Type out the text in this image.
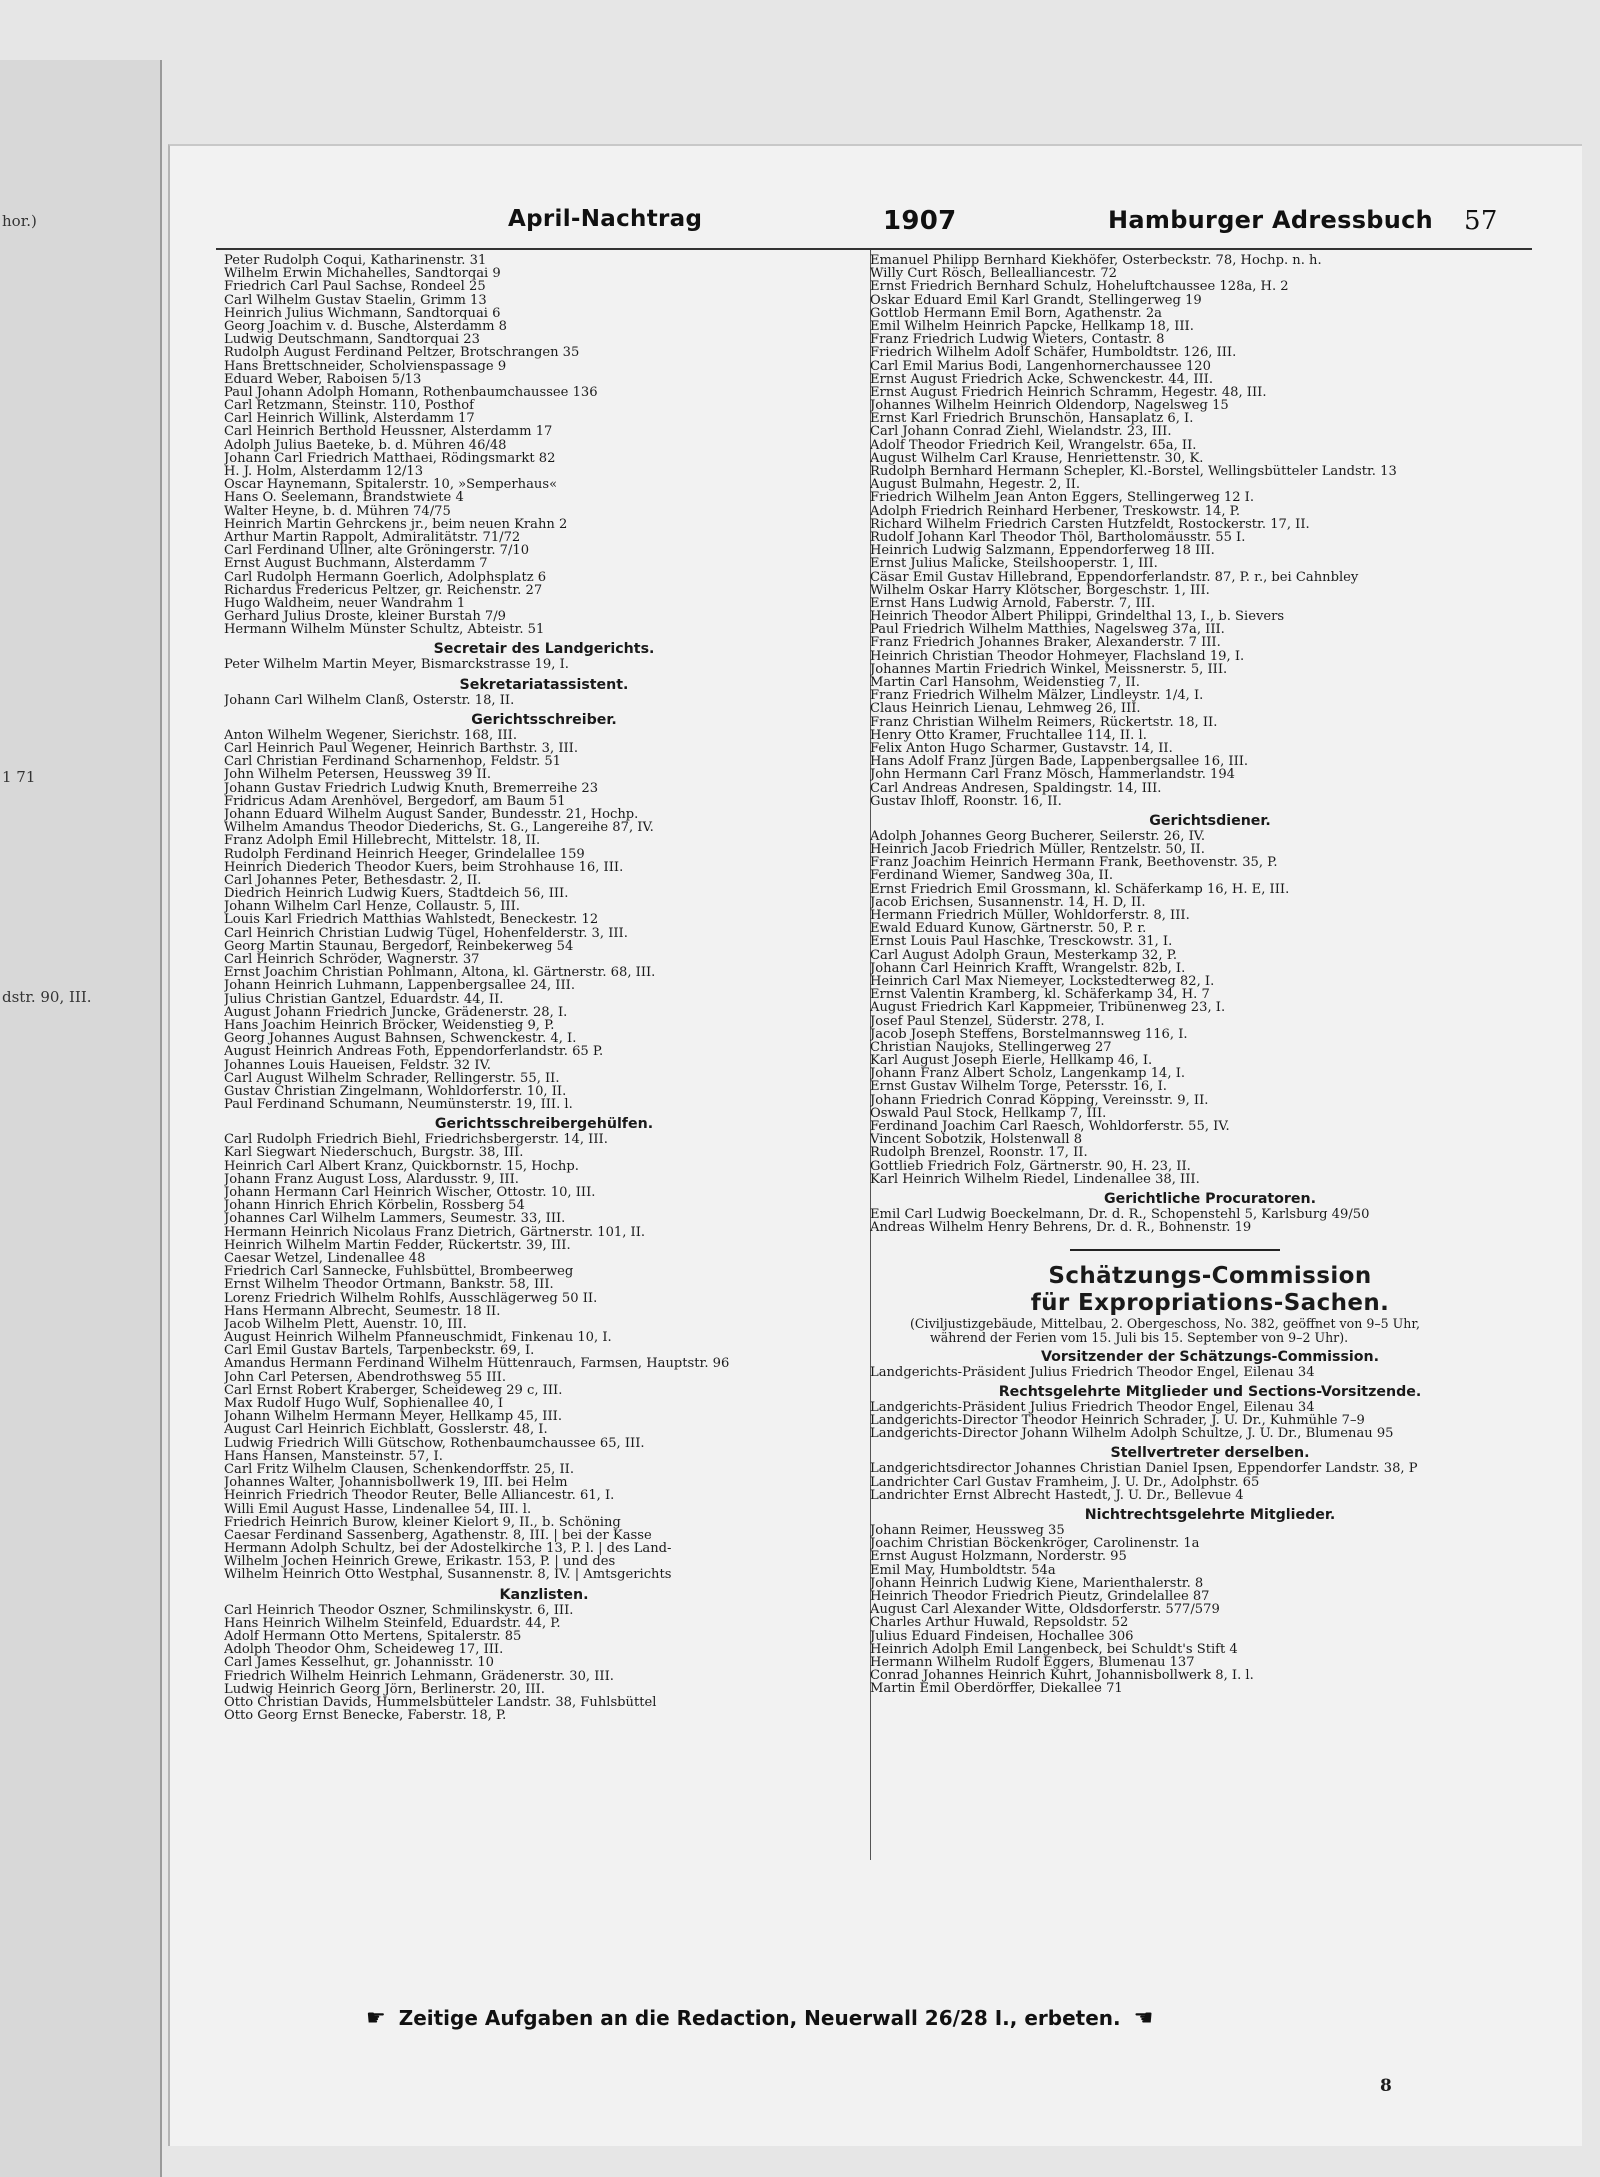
hor.)
1 71
dstr. 90, III.
April-Nachtrag	1907	Hamburger Adressbuch 57
Peter Rudolph Coqui, Katharinenstr. 31
Wilhelm Erwin Michahelles, Sandtorqai 9
Friedrich Carl Paul Sachse, Rondeel 25
Carl Wilhelm Gustav Staelin, Grimm 13
Heinrich Julius Wichmann, Sandtorquai 6
Georg Joachim v. d. Busche, Alsterdamm 8
Ludwig Deutschmann, Sandtorquai 23
Rudolph August Ferdinand Peltzer, Brotschrangen 35
Hans Brettschneider, Scholvienspassage 9
Eduard Weber, Raboisen 5/13
Paul Johann Adolph Homann, Rothenbaumchaussee 136
Carl Retzmann, Steinstr. 110, Posthof
Carl Heinrich Willink, Alsterdamm 17
Carl Heinrich Berthold Heussner, Alsterdamm 17
Adolph Julius Baeteke, b. d. Mühren 46/48
Johann Carl Friedrich Matthaei, Rödingsmarkt 82
H. J. Holm, Alsterdamm 12/13
Oscar Haynemann, Spitalerstr. 10, »Semperhaus«
Hans O. Seelemann, Brandstwiete 4
Walter Heyne, b. d. Mühren 74/75
Heinrich Martin Gehrckens jr., beim neuen Krahn 2
Arthur Martin Rappolt, Admiralitätstr. 71/72
Carl Ferdinand Ullner, alte Gröningerstr. 7/10
Ernst August Buchmann, Alsterdamm 7
Carl Rudolph Hermann Goerlich, Adolphsplatz 6
Richardus Fredericus Peltzer, gr. Reichenstr. 27
Hugo Waldheim, neuer Wandrahm 1
Gerhard Julius Droste, kleiner Burstah 7/9
Hermann Wilhelm Münster Schultz, Abteistr. 51
Secretair des Landgerichts.
Peter Wilhelm Martin Meyer, Bismarckstrasse 19, I.
Sekretariatassistent.
Johann Carl Wilhelm Clanß, Osterstr. 18, II.
Gerichtsschreiber.
Anton Wilhelm Wegener, Sierichstr. 168, III.
Carl Heinrich Paul Wegener, Heinrich Barthstr. 3, III.
Carl Christian Ferdinand Scharnenhop, Feldstr. 51
John Wilhelm Petersen, Heussweg 39 II.
Johann Gustav Friedrich Ludwig Knuth, Bremerreihe 23
Fridricus Adam Arenhövel, Bergedorf, am Baum 51
Johann Eduard Wilhelm August Sander, Bundesstr. 21, Hochp.
Wilhelm Amandus Theodor Diederichs, St. G., Langereihe 87, IV.
Franz Adolph Emil Hillebrecht, Mittelstr. 18, II.
Rudolph Ferdinand Heinrich Heeger, Grindelallee 159
Heinrich Diederich Theodor Kuers, beim Strohhause 16, III.
Carl Johannes Peter, Bethesdastr. 2, II.
Diedrich Heinrich Ludwig Kuers, Stadtdeich 56, III.
Johann Wilhelm Carl Henze, Collaustr. 5, III.
Louis Karl Friedrich Matthias Wahlstedt, Beneckestr. 12
Carl Heinrich Christian Ludwig Tügel, Hohenfelderstr. 3, III.
Georg Martin Staunau, Bergedorf, Reinbekerweg 54
Carl Heinrich Schröder, Wagnerstr. 37
Ernst Joachim Christian Pohlmann, Altona, kl. Gärtnerstr. 68, III.
Johann Heinrich Luhmann, Lappenbergsallee 24, III.
Julius Christian Gantzel, Eduardstr. 44, II.
August Johann Friedrich Juncke, Grädenerstr. 28, I.
Hans Joachim Heinrich Bröcker, Weidenstieg 9, P.
Georg Johannes August Bahnsen, Schwenckestr. 4, I.
August Heinrich Andreas Foth, Eppendorferlandstr. 65 P.
Johannes Louis Haueisen, Feldstr. 32 IV.
Carl August Wilhelm Schrader, Rellingerstr. 55, II.
Gustav Christian Zingelmann, Wohldorferstr. 10, II.
Paul Ferdinand Schumann, Neumünsterstr. 19, III. l.
Gerichtsschreibergehülfen.
Carl Rudolph Friedrich Biehl, Friedrichsbergerstr. 14, III.
Karl Siegwart Niederschuch, Burgstr. 38, III.
Heinrich Carl Albert Kranz, Quickbornstr. 15, Hochp.
Johann Franz August Loss, Alardusstr. 9, III.
Johann Hermann Carl Heinrich Wischer, Ottostr. 10, III.
Johann Hinrich Ehrich Körbelin, Rossberg 54
Johannes Carl Wilhelm Lammers, Seumestr. 33, III.
Hermann Heinrich Nicolaus Franz Dietrich, Gärtnerstr. 101, II.
Heinrich Wilhelm Martin Fedder, Rückertstr. 39, III.
Caesar Wetzel, Lindenallee 48
Friedrich Carl Sannecke, Fuhlsbüttel, Brombeerweg
Ernst Wilhelm Theodor Ortmann, Bankstr. 58, III.
Lorenz Friedrich Wilhelm Rohlfs, Ausschlägerweg 50 II.
Hans Hermann Albrecht, Seumestr. 18 II.
Jacob Wilhelm Plett, Auenstr. 10, III.
August Heinrich Wilhelm Pfanneuschmidt, Finkenau 10, I.
Carl Emil Gustav Bartels, Tarpenbeckstr. 69, I.
Amandus Hermann Ferdinand Wilhelm Hüttenrauch, Farmsen, Hauptstr. 96
John Carl Petersen, Abendrothsweg 55 III.
Carl Ernst Robert Kraberger, Scheideweg 29 c, III.
Max Rudolf Hugo Wulf, Sophienallee 40, I
Johann Wilhelm Hermann Meyer, Hellkamp 45, III.
August Carl Heinrich Eichblatt, Gosslerstr. 48, I.
Ludwig Friedrich Willi Gütschow, Rothenbaumchaussee 65, III.
Hans Hansen, Mansteinstr. 57, I.
Carl Fritz Wilhelm Clausen, Schenkendorffstr. 25, II.
Johannes Walter, Johannisbollwerk 19, III. bei Helm
Heinrich Friedrich Theodor Reuter, Belle Alliancestr. 61, I.
Willi Emil August Hasse, Lindenallee 54, III. l.
Friedrich Heinrich Burow, kleiner Kielort 9, II., b. Schöning
Caesar Ferdinand Sassenberg, Agathenstr. 8, III. | bei der Kasse
Hermann Adolph Schultz, bei der Adostelkirche 13, P. l. | des Land-
Wilhelm Jochen Heinrich Grewe, Erikastr. 153, P. | und des
Wilhelm Heinrich Otto Westphal, Susannenstr. 8, IV. | Amtsgerichts
Kanzlisten.
Carl Heinrich Theodor Oszner, Schmilinskystr. 6, III.
Hans Heinrich Wilhelm Steinfeld, Eduardstr. 44, P.
Adolf Hermann Otto Mertens, Spitalerstr. 85
Adolph Theodor Ohm, Scheideweg 17, III.
Carl James Kesselhut, gr. Johannisstr. 10
Friedrich Wilhelm Heinrich Lehmann, Grädenerstr. 30, III.
Ludwig Heinrich Georg Jörn, Berlinerstr. 20, III.
Otto Christian Davids, Hummelsbütteler Landstr. 38, Fuhlsbüttel
Otto Georg Ernst Benecke, Faberstr. 18, P.
Emanuel Philipp Bernhard Kiekhöfer, Osterbeckstr. 78, Hochp. n. h.
Willy Curt Rösch, Bellealliancestr. 72
Ernst Friedrich Bernhard Schulz, Hoheluftchaussee 128a, H. 2
Oskar Eduard Emil Karl Grandt, Stellingerweg 19
Gottlob Hermann Emil Born, Agathenstr. 2a
Emil Wilhelm Heinrich Papcke, Hellkamp 18, III.
Franz Friedrich Ludwig Wieters, Contastr. 8
Friedrich Wilhelm Adolf Schäfer, Humboldtstr. 126, III.
Carl Emil Marius Bodi, Langenhornerchaussee 120
Ernst August Friedrich Acke, Schwenckestr. 44, III.
Ernst August Friedrich Heinrich Schramm, Hegestr. 48, III.
Johannes Wilhelm Heinrich Oldendorp, Nagelsweg 15
Ernst Karl Friedrich Brunschön, Hansaplatz 6, I.
Carl Johann Conrad Ziehl, Wielandstr. 23, III.
Adolf Theodor Friedrich Keil, Wrangelstr. 65a, II.
August Wilhelm Carl Krause, Henriettenstr. 30, K.
Rudolph Bernhard Hermann Schepler, Kl.-Borstel, Wellingsbütteler Landstr. 13
August Bulmahn, Hegestr. 2, II.
Friedrich Wilhelm Jean Anton Eggers, Stellingerweg 12 I.
Adolph Friedrich Reinhard Herbener, Treskowstr. 14, P.
Richard Wilhelm Friedrich Carsten Hutzfeldt, Rostockerstr. 17, II.
Rudolf Johann Karl Theodor Thöl, Bartholomäusstr. 55 I.
Heinrich Ludwig Salzmann, Eppendorferweg 18 III.
Ernst Julius Malicke, Steilshooperstr. 1, III.
Cäsar Emil Gustav Hillebrand, Eppendorferlandstr. 87, P. r., bei Cahnbley
Wilhelm Oskar Harry Klötscher, Borgeschstr. 1, III.
Ernst Hans Ludwig Arnold, Faberstr. 7, III.
Heinrich Theodor Albert Philippi, Grindelthal 13, I., b. Sievers
Paul Friedrich Wilhelm Matthies, Nagelsweg 37a, III.
Franz Friedrich Johannes Braker, Alexanderstr. 7 III.
Heinrich Christian Theodor Hohmeyer, Flachsland 19, I.
Johannes Martin Friedrich Winkel, Meissnerstr. 5, III.
Martin Carl Hansohm, Weidenstieg 7, II.
Franz Friedrich Wilhelm Mälzer, Lindleystr. 1/4, I.
Claus Heinrich Lienau, Lehmweg 26, III.
Franz Christian Wilhelm Reimers, Rückertstr. 18, II.
Henry Otto Kramer, Fruchtallee 114, II. l.
Felix Anton Hugo Scharmer, Gustavstr. 14, II.
Hans Adolf Franz Jürgen Bade, Lappenbergsallee 16, III.
John Hermann Carl Franz Mösch, Hammerlandstr. 194
Carl Andreas Andresen, Spaldingstr. 14, III.
Gustav Ihloff, Roonstr. 16, II.
Gerichtsdiener.
Adolph Johannes Georg Bucherer, Seilerstr. 26, IV.
Heinrich Jacob Friedrich Müller, Rentzelstr. 50, II.
Franz Joachim Heinrich Hermann Frank, Beethovenstr. 35, P.
Ferdinand Wiemer, Sandweg 30a, II.
Ernst Friedrich Emil Grossmann, kl. Schäferkamp 16, H. E, III.
Jacob Erichsen, Susannenstr. 14, H. D, II.
Hermann Friedrich Müller, Wohldorferstr. 8, III.
Ewald Eduard Kunow, Gärtnerstr. 50, P. r.
Ernst Louis Paul Haschke, Tresckowstr. 31, I.
Carl August Adolph Graun, Mesterkamp 32, P.
Johann Carl Heinrich Krafft, Wrangelstr. 82b, I.
Heinrich Carl Max Niemeyer, Lockstedterweg 82, I.
Ernst Valentin Kramberg, kl. Schäferkamp 34, H. 7
August Friedrich Karl Kappmeier, Tribünenweg 23, I.
Josef Paul Stenzel, Süderstr. 278, I.
Jacob Joseph Steffens, Borstelmannsweg 116, I.
Christian Naujoks, Stellingerweg 27
Karl August Joseph Eierle, Hellkamp 46, I.
Johann Franz Albert Scholz, Langenkamp 14, I.
Ernst Gustav Wilhelm Torge, Petersstr. 16, I.
Johann Friedrich Conrad Köpping, Vereinsstr. 9, II.
Oswald Paul Stock, Hellkamp 7, III.
Ferdinand Joachim Carl Raesch, Wohldorferstr. 55, IV.
Vincent Sobotzik, Holstenwall 8
Rudolph Brenzel, Roonstr. 17, II.
Gottlieb Friedrich Folz, Gärtnerstr. 90, H. 23, II.
Karl Heinrich Wilhelm Riedel, Lindenallee 38, III.
Gerichtliche Procuratoren.
Emil Carl Ludwig Boeckelmann, Dr. d. R., Schopenstehl 5, Karlsburg 49/50
Andreas Wilhelm Henry Behrens, Dr. d. R., Bohnenstr. 19
Schätzungs-Commission
für Expropriations-Sachen.
(Civiljustizgebäude, Mittelbau, 2. Obergeschoss, No. 382, geöffnet von 9–5 Uhr,
während der Ferien vom 15. Juli bis 15. September von 9–2 Uhr).
Vorsitzender der Schätzungs-Commission.
Landgerichts-Präsident Julius Friedrich Theodor Engel, Eilenau 34
Rechtsgelehrte Mitglieder und Sections-Vorsitzende.
Landgerichts-Präsident Julius Friedrich Theodor Engel, Eilenau 34
Landgerichts-Director Theodor Heinrich Schrader, J. U. Dr., Kuhmühle 7–9
Landgerichts-Director Johann Wilhelm Adolph Schultze, J. U. Dr., Blumenau 95
Stellvertreter derselben.
Landgerichtsdirector Johannes Christian Daniel Ipsen, Eppendorfer Landstr. 38, P
Landrichter Carl Gustav Framheim, J. U. Dr., Adolphstr. 65
Landrichter Ernst Albrecht Hastedt, J. U. Dr., Bellevue 4
Nichtrechtsgelehrte Mitglieder.
Johann Reimer, Heussweg 35
Joachim Christian Böckenkröger, Carolinenstr. 1a
Ernst August Holzmann, Norderstr. 95
Emil May, Humboldtstr. 54a
Johann Heinrich Ludwig Kiene, Marienthalerstr. 8
Heinrich Theodor Friedrich Pieutz, Grindelallee 87
August Carl Alexander Witte, Oldsdorferstr. 577/579
Charles Arthur Huwald, Repsoldstr. 52
Julius Eduard Findeisen, Hochallee 306
Heinrich Adolph Emil Langenbeck, bei Schuldt's Stift 4
Hermann Wilhelm Rudolf Eggers, Blumenau 137
Conrad Johannes Heinrich Kuhrt, Johannisbollwerk 8, I. l.
Martin Emil Oberdörffer, Diekallee 71
☛ Zeitige Aufgaben an die Redaction, Neuerwall 26/28 I., erbeten. ☚
8
